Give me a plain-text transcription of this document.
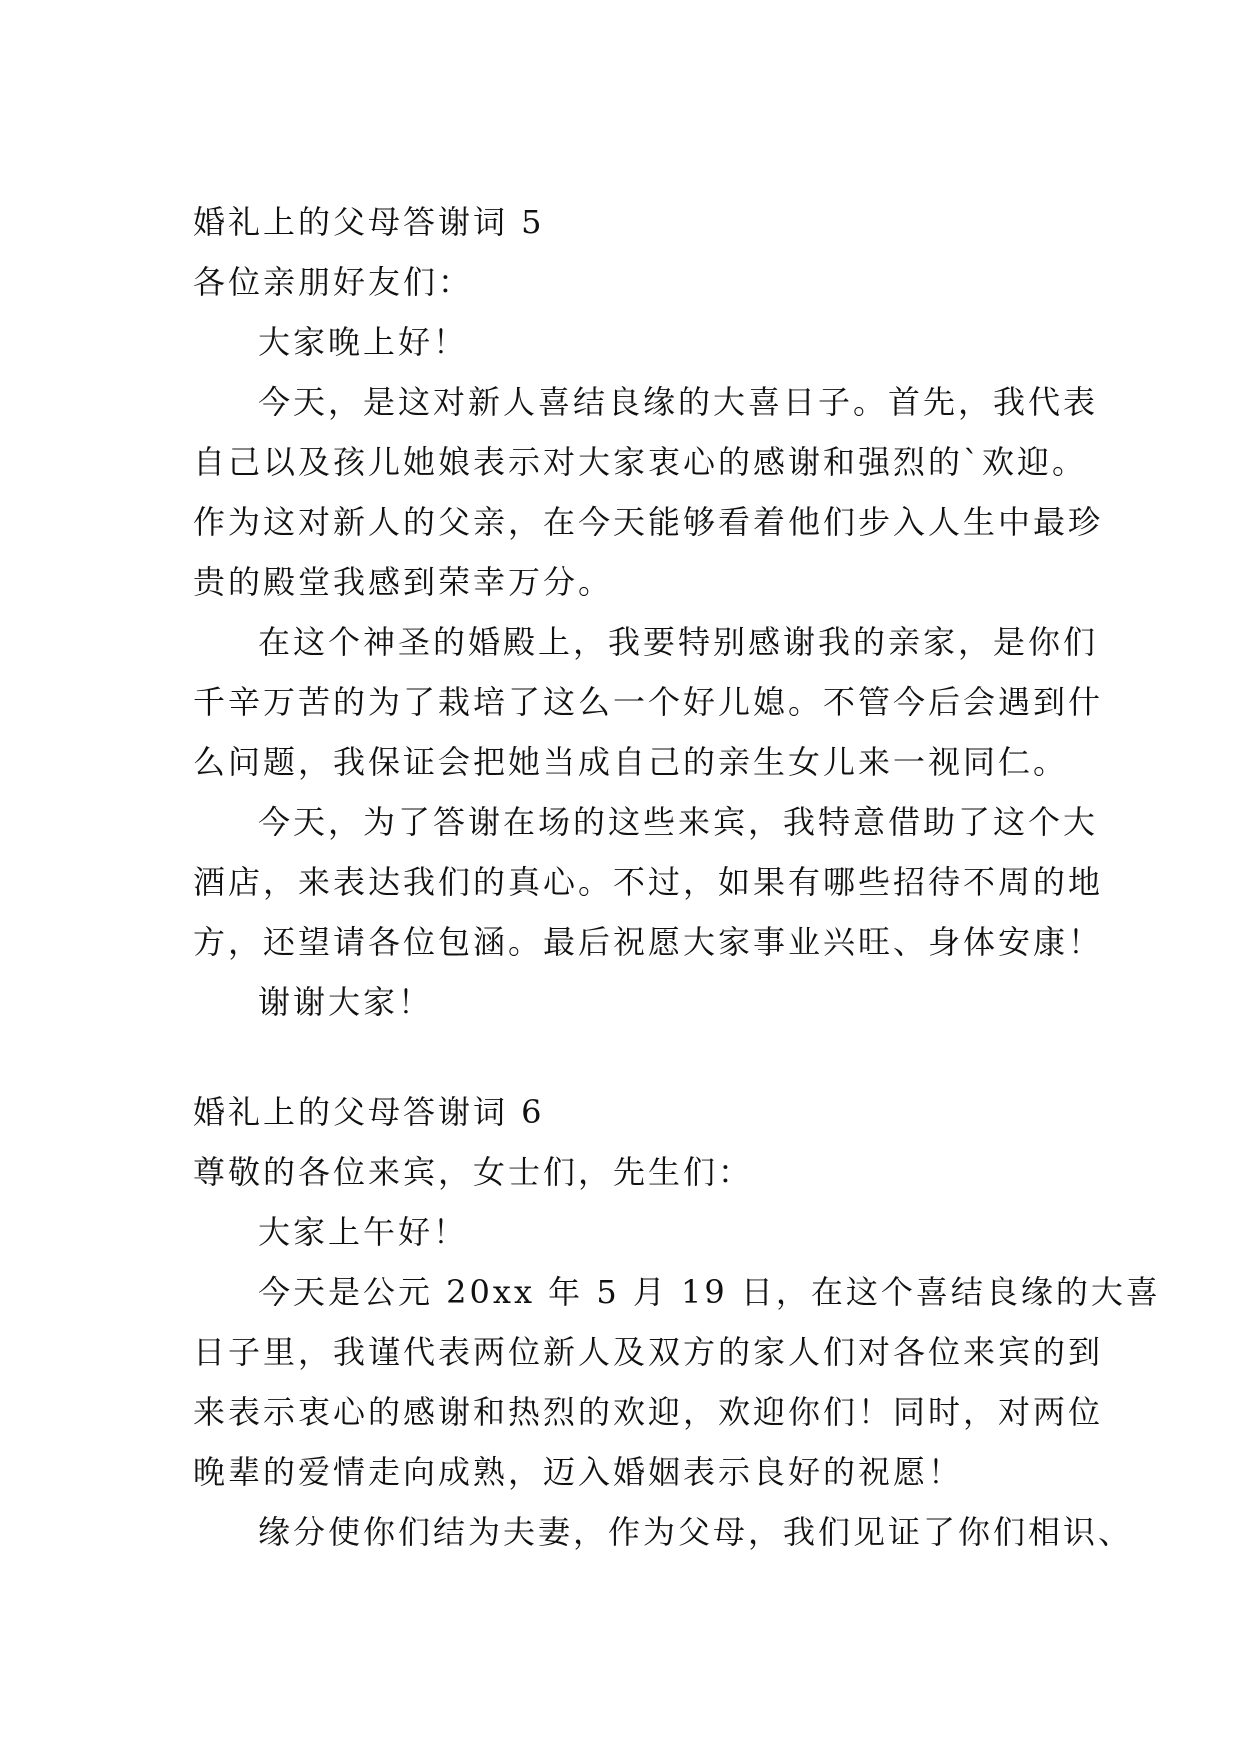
婚礼上的父母答谢词 5
各位亲朋好友们：
大家晚上好！
今天，是这对新人喜结良缘的大喜日子。首先，我代表
自己以及孩儿她娘表示对大家衷心的感谢和强烈的`欢迎。
作为这对新人的父亲，在今天能够看着他们步入人生中最珍
贵的殿堂我感到荣幸万分。
在这个神圣的婚殿上，我要特别感谢我的亲家，是你们
千辛万苦的为了栽培了这么一个好儿媳。不管今后会遇到什
么问题，我保证会把她当成自己的亲生女儿来一视同仁。
今天，为了答谢在场的这些来宾，我特意借助了这个大
酒店，来表达我们的真心。不过，如果有哪些招待不周的地
方，还望请各位包涵。最后祝愿大家事业兴旺、身体安康！
谢谢大家！
婚礼上的父母答谢词 6
尊敬的各位来宾，女士们，先生们：
大家上午好！
今天是公元 20xx 年 5 月 19 日，在这个喜结良缘的大喜
日子里，我谨代表两位新人及双方的家人们对各位来宾的到
来表示衷心的感谢和热烈的欢迎，欢迎你们！同时，对两位
晚辈的爱情走向成熟，迈入婚姻表示良好的祝愿！
缘分使你们结为夫妻，作为父母，我们见证了你们相识、
